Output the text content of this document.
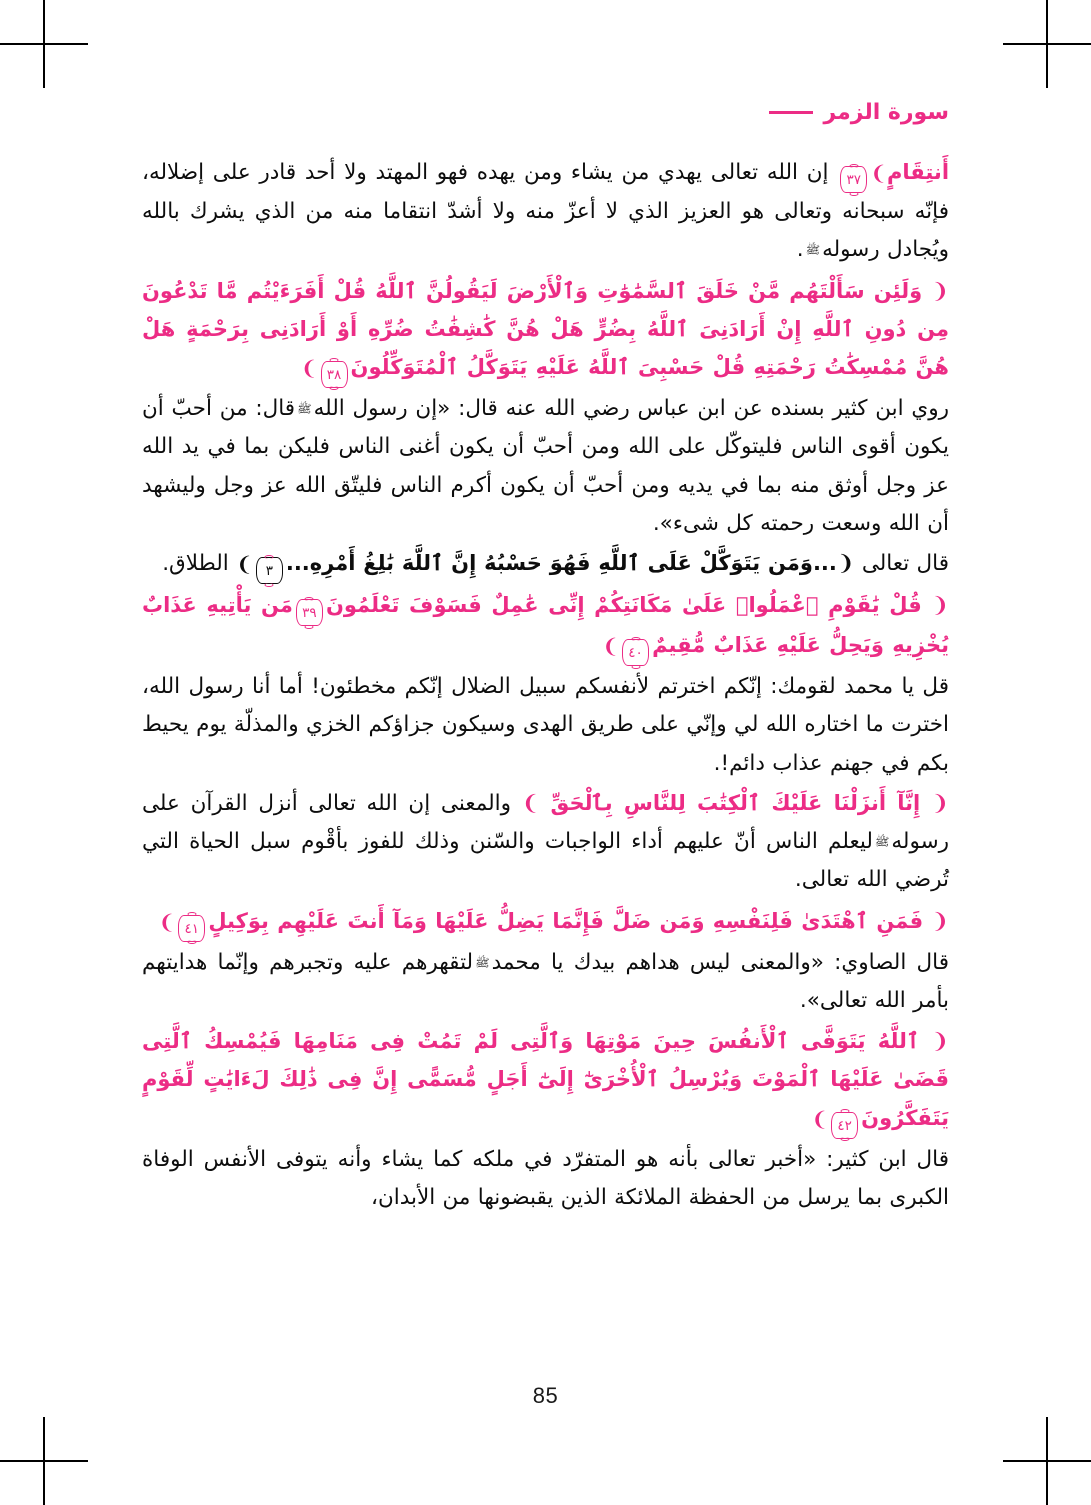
سورة الزمر

أَنتِقَامٍ❩٣٧ إن الله تعالى يهدي من يشاء ومن يهده فهو المهتد ولا أحد قادر على إضلاله، فإنّه سبحانه وتعالى هو العزيز الذي لا أعزّ منه ولا أشدّ انتقاما منه من الذي يشرك بالله ويُجادل رسولهﷺ.

❨ وَلَئِن سَأَلْتَهُم مَّنْ خَلَقَ ٱلسَّمَٰوَٰتِ وَٱلْأَرْضَ لَيَقُولُنَّ ٱللَّهُ قُلْ أَفَرَءَيْتُم مَّا تَدْعُونَ مِن دُونِ ٱللَّهِ إِنْ أَرَادَنِىَ ٱللَّهُ بِضُرٍّ هَلْ هُنَّ كَٰشِفَٰتُ ضُرِّهِ أَوْ أَرَادَنِى بِرَحْمَةٍ هَلْ هُنَّ مُمْسِكَٰتُ رَحْمَتِهِ قُلْ حَسْبِىَ ٱللَّهُ عَلَيْهِ يَتَوَكَّلُ ٱلْمُتَوَكِّلُونَ٣٨❩

روي ابن كثير بسنده عن ابن عباس رضي الله عنه قال: «إن رسول اللهﷺقال: من أحبّ أن يكون أقوى الناس فليتوكّل على الله ومن أحبّ أن يكون أغنى الناس فليكن بما في يد الله عز وجل أوثق منه بما في يديه ومن أحبّ أن يكون أكرم الناس فليتّق الله عز وجل وليشهد أن الله وسعت رحمته كل شىء».

قال تعالى ❨...وَمَن يَتَوَكَّلْ عَلَى ٱللَّهِ فَهُوَ حَسْبُهُ إِنَّ ٱللَّهَ بَٰلِغُ أَمْرِهِ...٣❩ الطلاق.

❨ قُلْ يَٰقَوْمِ ٱعْمَلُوا۟ عَلَىٰ مَكَانَتِكُمْ إِنِّى عَٰمِلٌ فَسَوْفَ تَعْلَمُونَ٣٩مَن يَأْتِيهِ عَذَابٌ يُخْزِيهِ وَيَحِلُّ عَلَيْهِ عَذَابٌ مُّقِيمٌ٤٠❩

قل يا محمد لقومك: إنّكم اخترتم لأنفسكم سبيل الضلال إنّكم مخطئون! أما أنا رسول الله، اخترت ما اختاره الله لي وإنّي على طريق الهدى وسيكون جزاؤكم الخزي والمذلّة يوم يحيط بكم في جهنم عذاب دائم!.

❨ إِنَّآ أَنزَلْنَا عَلَيْكَ ٱلْكِتَٰبَ لِلنَّاسِ بِٱلْحَقِّ ❩ والمعنى إن الله تعالى أنزل القرآن على رسولهﷺليعلم الناس أنّ عليهم أداء الواجبات والسّنن وذلك للفوز بأقْوم سبل الحياة التي تُرضي الله تعالى.

❨ فَمَنِ ٱهْتَدَىٰ فَلِنَفْسِهِ وَمَن ضَلَّ فَإِنَّمَا يَضِلُّ عَلَيْهَا وَمَآ أَنتَ عَلَيْهِم بِوَكِيلٍ٤١❩

قال الصاوي: «والمعنى ليس هداهم بيدك يا محمدﷺلتقهرهم عليه وتجبرهم وإنّما هدايتهم بأمر الله تعالى».

❨ ٱللَّهُ يَتَوَفَّى ٱلْأَنفُسَ حِينَ مَوْتِهَا وَٱلَّتِى لَمْ تَمُتْ فِى مَنَامِهَا فَيُمْسِكُ ٱلَّتِى قَضَىٰ عَلَيْهَا ٱلْمَوْتَ وَيُرْسِلُ ٱلْأُخْرَىٰٓ إِلَىٰٓ أَجَلٍ مُّسَمًّى إِنَّ فِى ذَٰلِكَ لَءَايَٰتٍ لِّقَوْمٍ يَتَفَكَّرُونَ٤٢❩

قال ابن كثير: «أخبر تعالى بأنه هو المتفرّد في ملكه كما يشاء وأنه يتوفى الأنفس الوفاة الكبرى بما يرسل من الحفظة الملائكة الذين يقبضونها من الأبدان،

85
